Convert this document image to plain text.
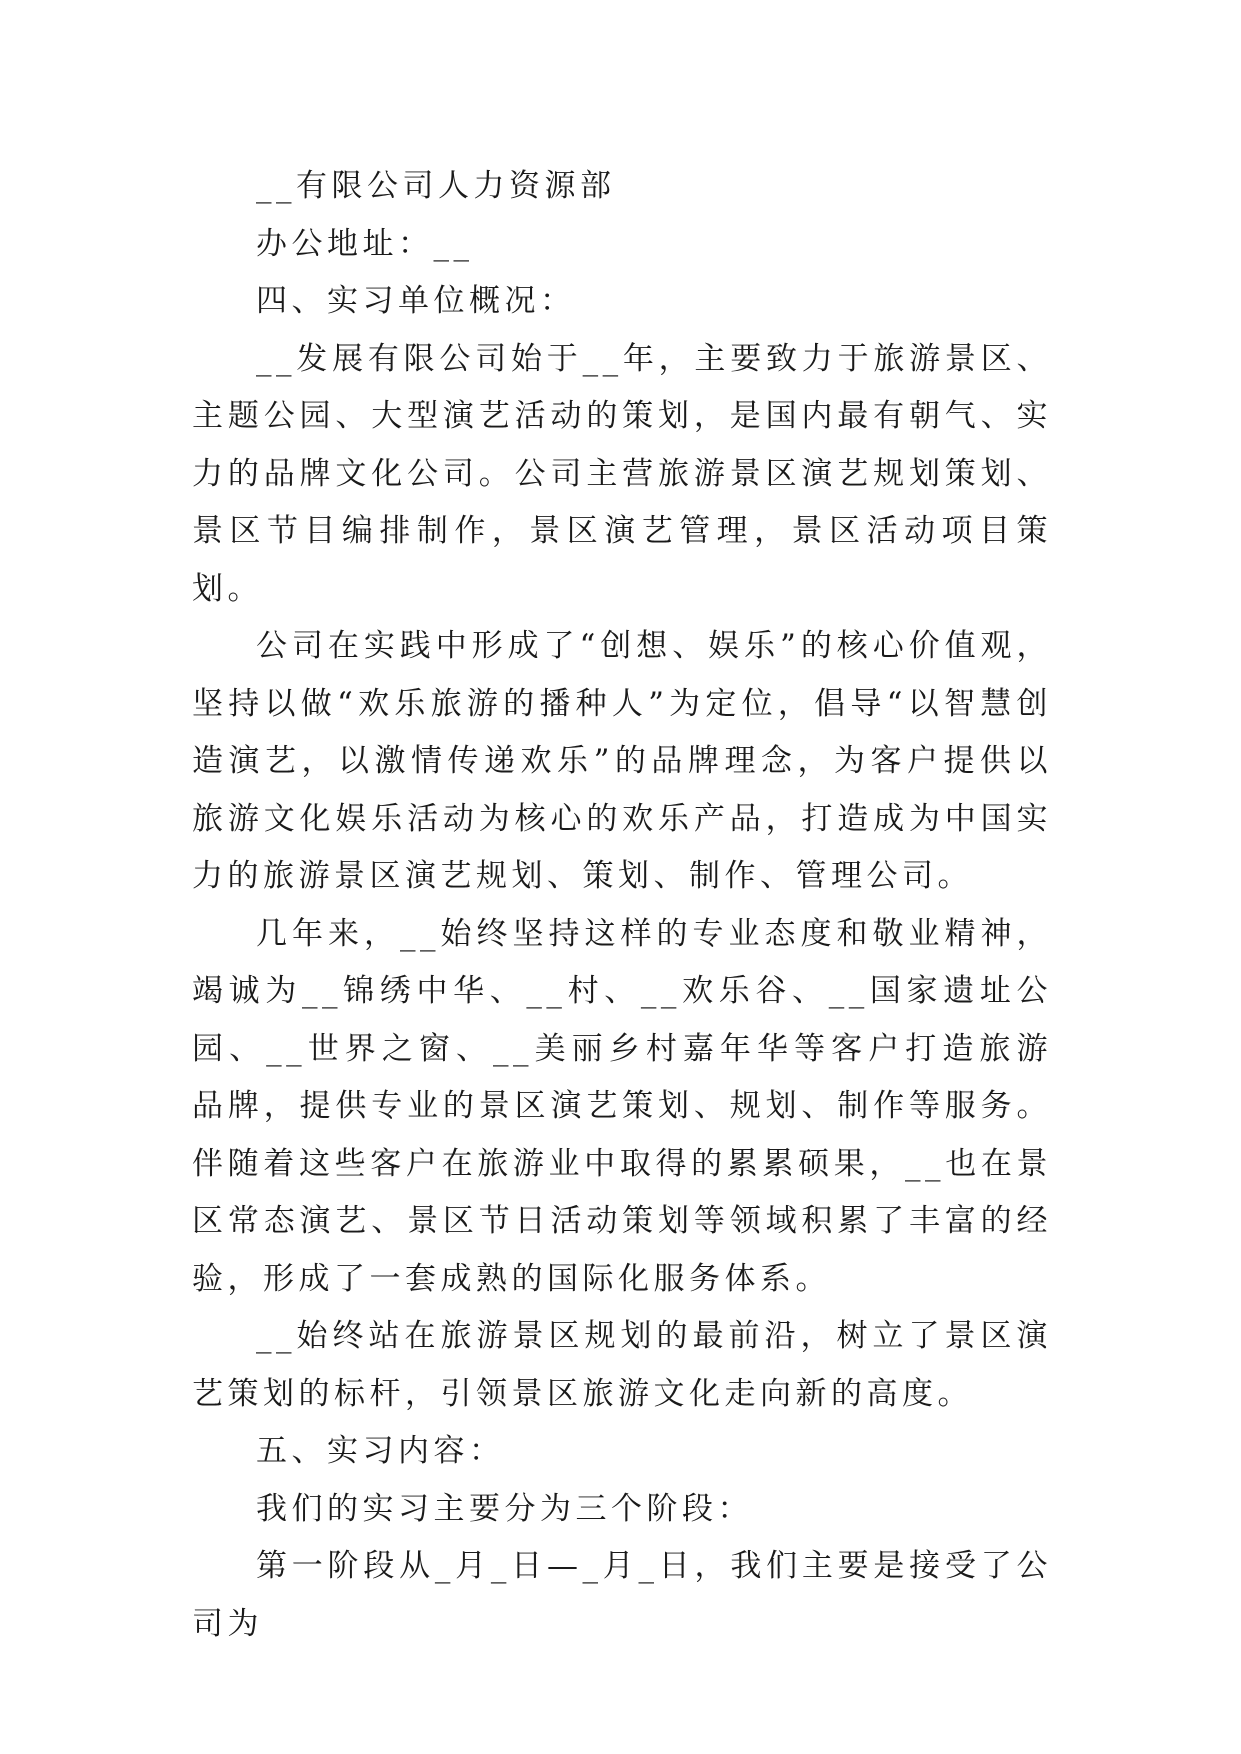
__有限公司人力资源部

办公地址：__

四、实习单位概况：

__发展有限公司始于__年，主要致力于旅游景区、主题公园、大型演艺活动的策划，是国内最有朝气、实力的品牌文化公司。公司主营旅游景区演艺规划策划、景区节目编排制作，景区演艺管理，景区活动项目策划。

公司在实践中形成了“创想、娱乐”的核心价值观，坚持以做“欢乐旅游的播种人”为定位，倡导“以智慧创造演艺，以激情传递欢乐”的品牌理念，为客户提供以旅游文化娱乐活动为核心的欢乐产品，打造成为中国实力的旅游景区演艺规划、策划、制作、管理公司。

几年来，__始终坚持这样的专业态度和敬业精神，竭诚为__锦绣中华、__村、__欢乐谷、__国家遗址公园、__世界之窗、__美丽乡村嘉年华等客户打造旅游品牌，提供专业的景区演艺策划、规划、制作等服务。伴随着这些客户在旅游业中取得的累累硕果，__也在景区常态演艺、景区节日活动策划等领域积累了丰富的经验，形成了一套成熟的国际化服务体系。

__始终站在旅游景区规划的最前沿，树立了景区演艺策划的标杆，引领景区旅游文化走向新的高度。

五、实习内容：

我们的实习主要分为三个阶段：

第一阶段从_月_日—_月_日，我们主要是接受了公司为
